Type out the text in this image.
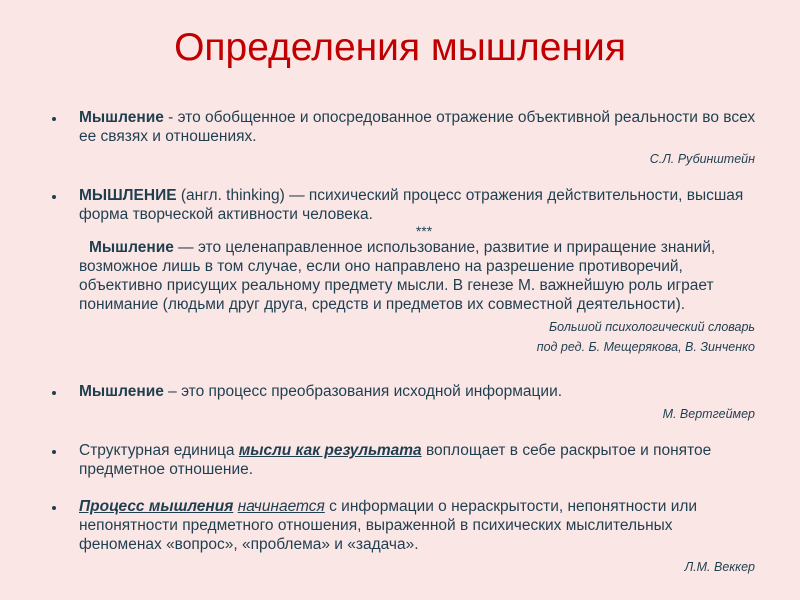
Определения мышления

Мышление - это обобщенное и опосредованное отражение объективной реальности во всех ее связях и отношениях.

С.Л. Рубинштейн

МЫШЛЕНИЕ (англ. thinking) — психический процесс отражения действительности, высшая форма творческой активности человека.

***

Мышление — это целенаправленное использование, развитие и приращение знаний, возможное лишь в том случае, если оно направлено на разрешение противоречий, объективно присущих реальному предмету мысли. В генезе М. важнейшую роль играет понимание (людьми друг друга, средств и предметов их совместной деятельности).

Большой психологический словарь
под ред. Б. Мещерякова, В. Зинченко

Мышление – это процесс преобразования исходной информации.

М. Вертгеймер

Структурная единица мысли как результата воплощает в себе раскрытое и понятое предметное отношение.

Процесс мышления начинается с информации о нераскрытости, непонятности или непонятности предметного отношения, выраженной в психических мыслительных феноменах «вопрос», «проблема» и «задача».

Л.М. Веккер
